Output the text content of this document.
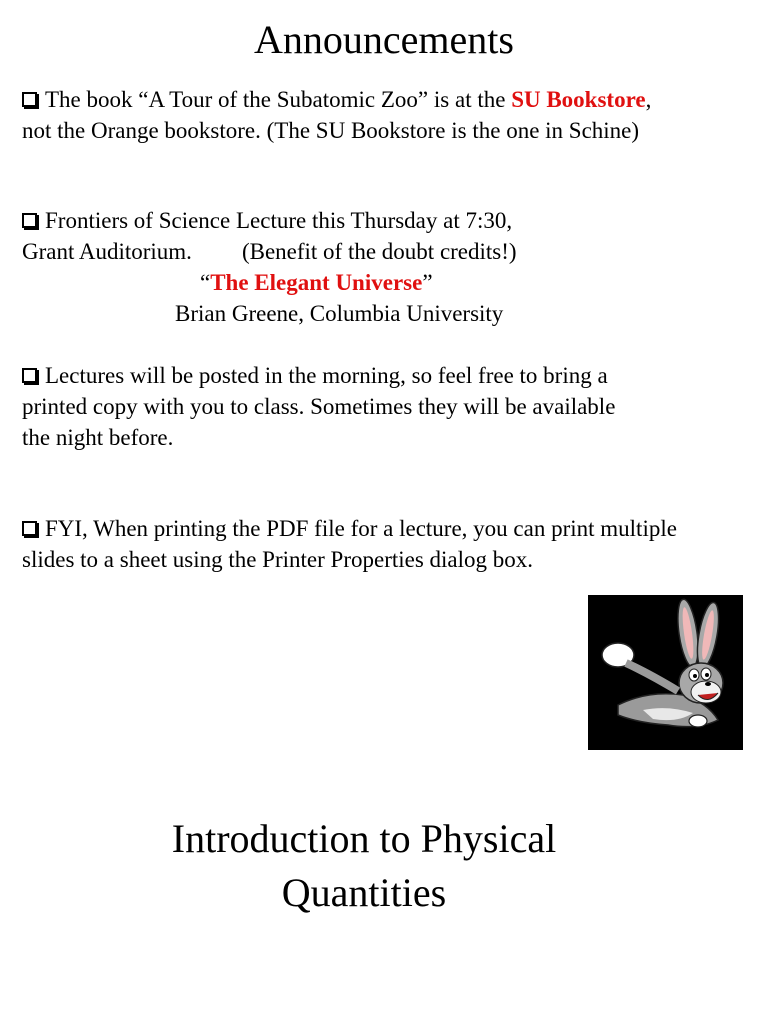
Announcements
The book “A Tour of the Subatomic Zoo” is at the SU Bookstore,
not the Orange bookstore. (The SU Bookstore is the one in Schine)
Frontiers of Science Lecture this Thursday at 7:30,
Grant Auditorium. (Benefit of the doubt credits!)
“The Elegant Universe”
Brian Greene, Columbia University
Lectures will be posted in the morning, so feel free to bring a
printed copy with you to class. Sometimes they will be available
the night before.
FYI, When printing the PDF file for a lecture, you can print multiple
slides to a sheet using the Printer Properties dialog box.
Introduction to Physical
Quantities
